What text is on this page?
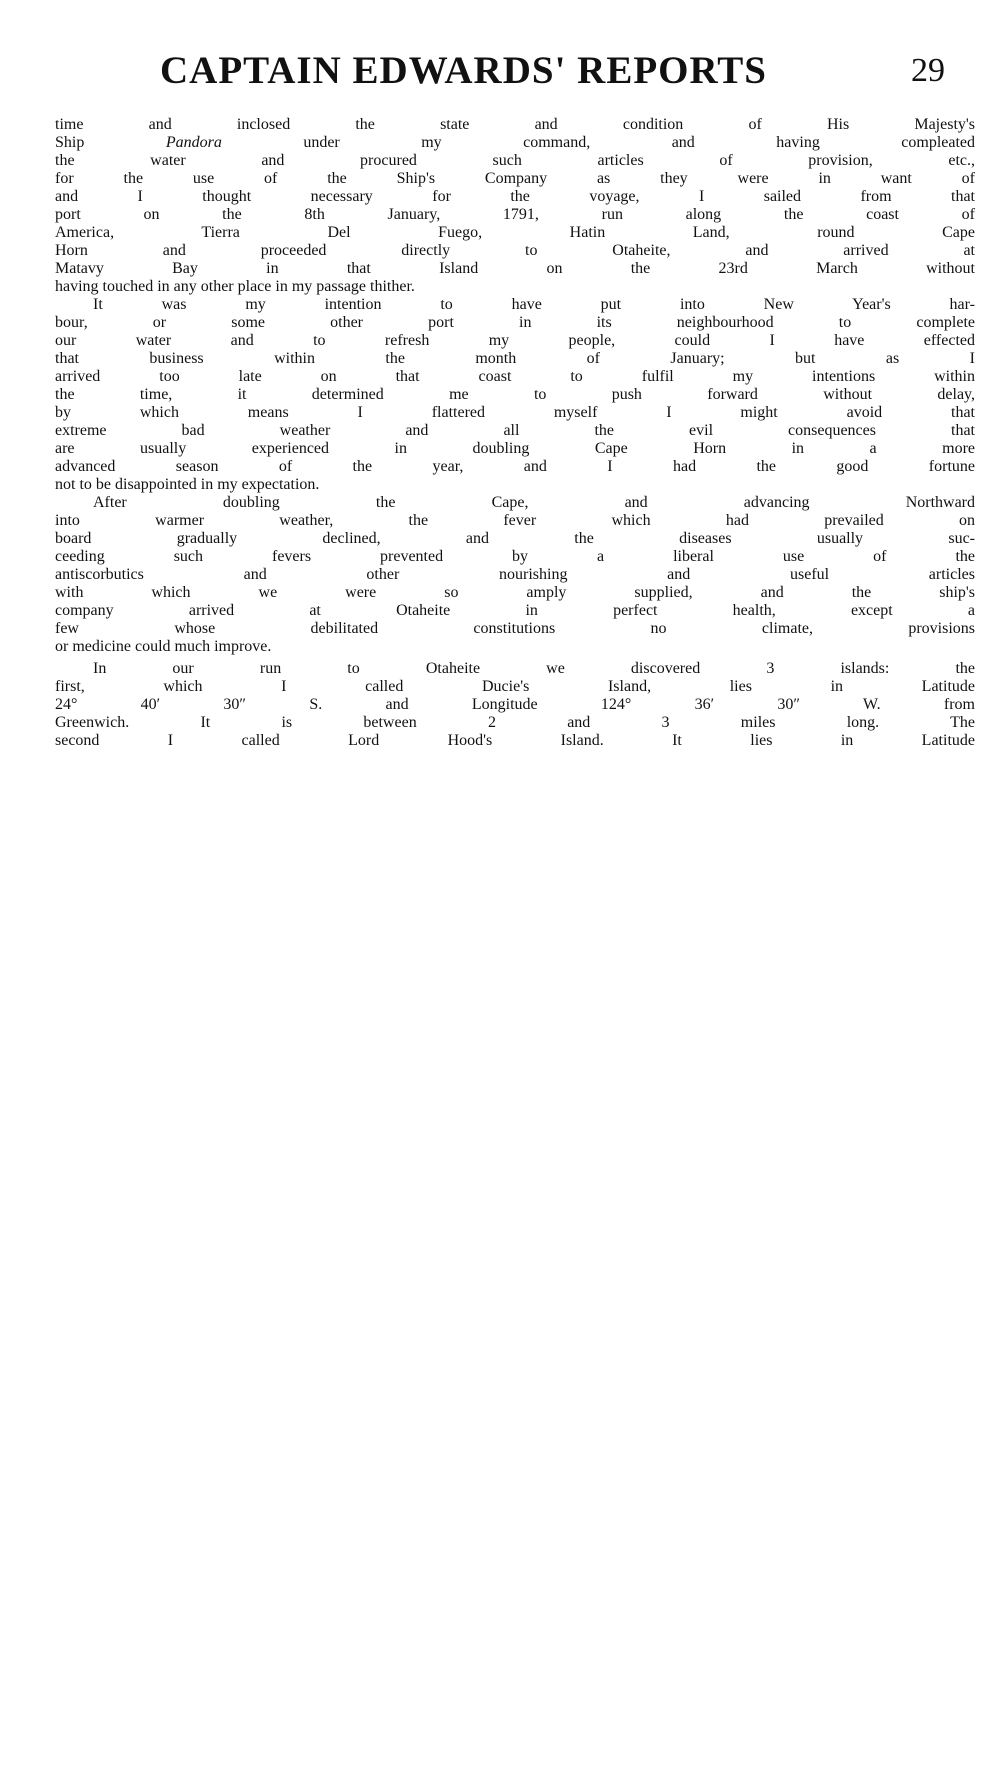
CAPTAIN EDWARDS' REPORTS	29
time and inclosed the state and condition of His Majesty's
Ship	Pandora	under my command, and having compleated
the water and procured such articles of provision, etc.,
for the use of the Ship's Company as they were in want of
and I thought necessary for the voyage, I sailed from that
port on the 8th January, 1791, run along the coast of
America, Tierra Del Fuego, Hatin Land, round Cape
Horn and proceeded directly to Otaheite, and arrived at
Matavy Bay in that Island on the 23rd March without
having touched in any other place in my passage thither.
It was my intention to have put into New Year's har-
bour, or some other port in its neighbourhood to complete
our water and to refresh my people, could I have effected
that business within the month of January; but as I
arrived too late on that coast to fulfil my intentions within
the time, it determined me to push forward without delay,
by which means I flattered myself I might avoid that
extreme bad weather and all the evil consequences that
are usually experienced in doubling Cape Horn in a more
advanced season of the year, and I had the good fortune
not to be disappointed in my expectation.
After doubling the Cape, and advancing Northward
into warmer weather, the fever which had prevailed on
board gradually declined, and the diseases usually suc-
ceeding such fevers prevented by a liberal use of the
antiscorbutics and other nourishing and useful articles
with which we were so amply supplied, and the ship's
company arrived at Otaheite in perfect health, except a
few whose debilitated constitutions no climate, provisions
or medicine could much improve.
In our run to Otaheite we discovered 3 islands: the
first, which I called Ducie's Island, lies in Latitude
24° 40′ 30″ S. and Longitude 124° 36′ 30″ W. from
Greenwich. It is between 2 and 3 miles long. The
second I called Lord Hood's Island. It lies in Latitude
